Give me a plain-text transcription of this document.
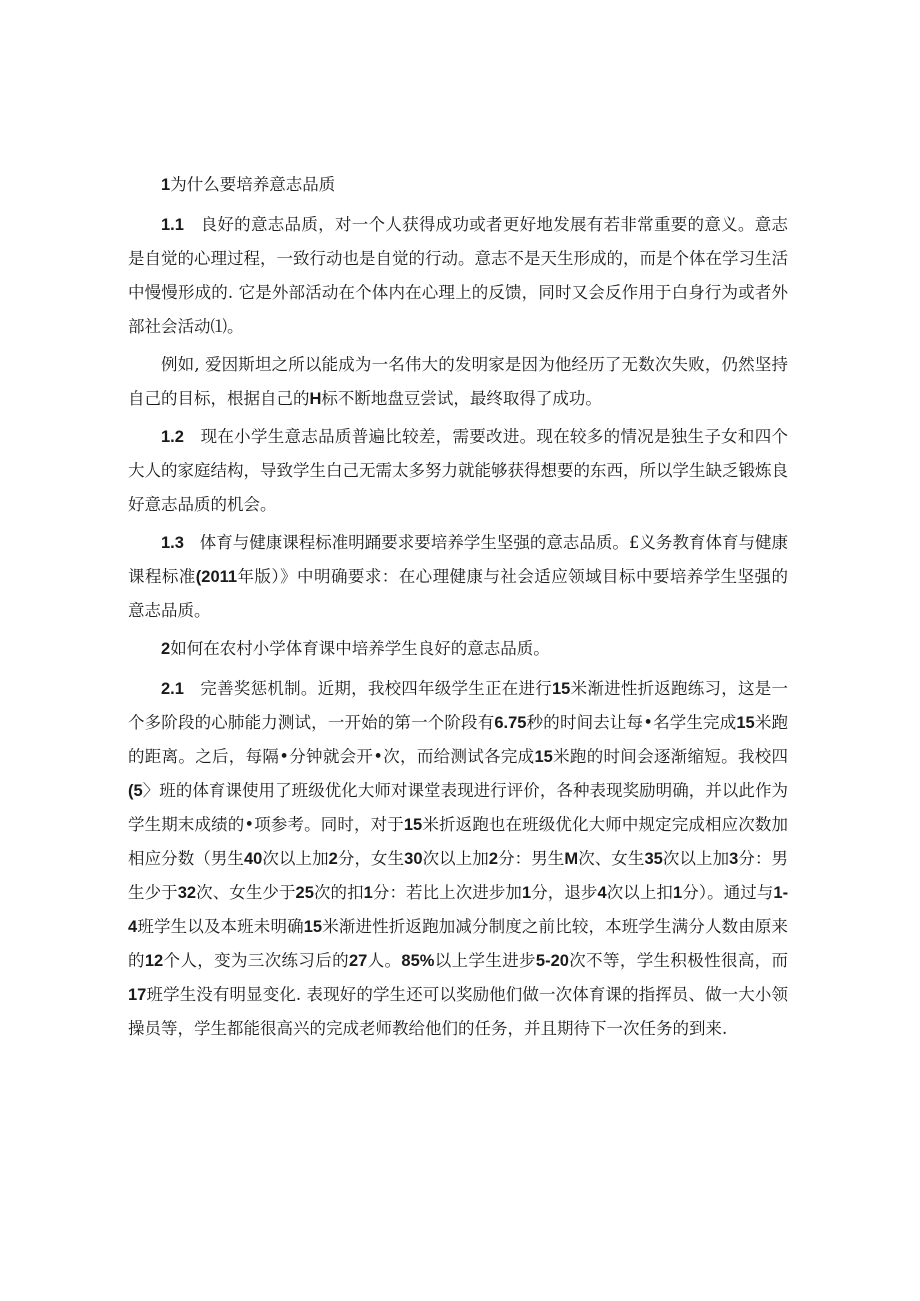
1为什么要培养意志品质

1.1 良好的意志品质，对一个人获得成功或者更好地发展有若非常重要的意义。意志是自觉的心理过程，一致行动也是自觉的行动。意志不是天生形成的，而是个体在学习生活中慢慢形成的. 它是外部活动在个体内在心理上的反馈，同时又会反作用于白身行为或者外部社会活动⑴。

例如, 爱因斯坦之所以能成为一名伟大的发明家是因为他经历了无数次失败，仍然坚持自己的目标，根据自己的H标不断地盘豆尝试，最终取得了成功。

1.2 现在小学生意志品质普遍比较差，需要改进。现在较多的情况是独生子女和四个大人的家庭结构，导致学生白己无需太多努力就能够获得想要的东西，所以学生缺乏锻炼良好意志品质的机会。

1.3 体育与健康课程标准明踊要求要培养学生坚强的意志品质。£义务教育体育与健康课程标准(2011年版）》中明确要求：在心理健康与社会适应领域目标中要培养学生坚强的意志品质。

2如何在农村小学体育课中培养学生良好的意志品质。

2.1 完善奖惩机制。近期，我校四年级学生正在进行15米渐进性折返跑练习，这是一个多阶段的心肺能力测试，一开始的第一个阶段有6.75秒的时间去让每•名学生完成15米跑的距离。之后，每隔•分钟就会开•次，而给测试各完成15米跑的时间会逐渐缩短。我校四(5〉班的体育课使用了班级优化大师对课堂表现进行评价，各种表现奖励明确，并以此作为学生期末成绩的•项参考。同时，对于15米折返跑也在班级优化大师中规定完成相应次数加相应分数（男生40次以上加2分，女生30次以上加2分：男生M次、女生35次以上加3分：男生少于32次、女生少于25次的扣1分：若比上次进步加1分，退步4次以上扣1分）。通过与1-4班学生以及本班未明确15米渐进性折返跑加减分制度之前比较，本班学生满分人数由原来的12个人，变为三次练习后的27人。85%以上学生进步5-20次不等，学生积极性很高，而17班学生没有明显变化. 表现好的学生还可以奖励他们做一次体育课的指挥员、做一大小领操员等，学生都能很高兴的完成老师教给他们的任务，并且期待下一次任务的到来.
